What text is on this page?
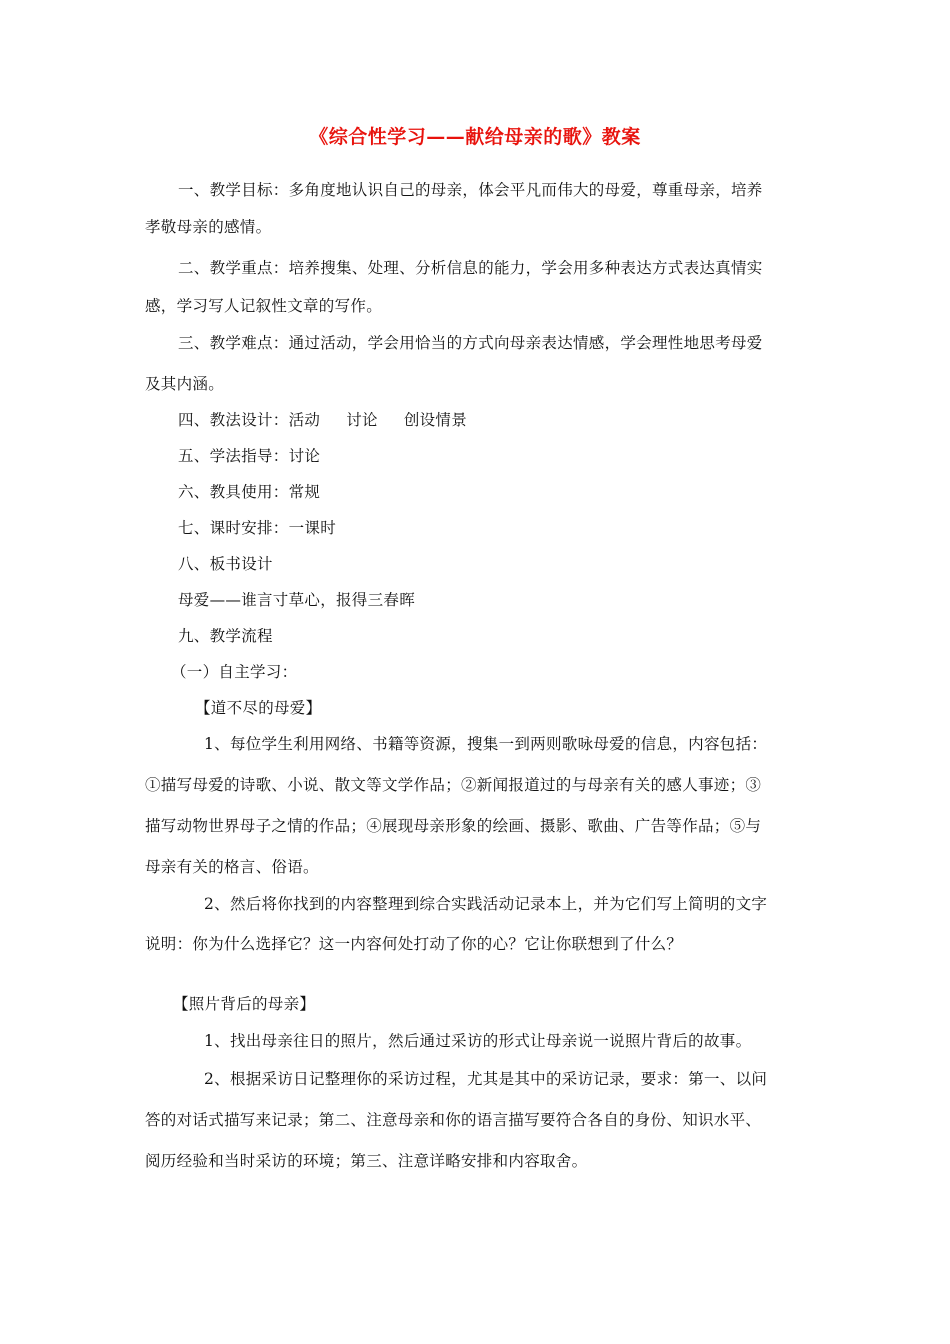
《综合性学习——献给母亲的歌》教案
一、教学目标：多角度地认识自己的母亲，体会平凡而伟大的母爱，尊重母亲，培养
孝敬母亲的感情。
二、教学重点：培养搜集、处理、分析信息的能力，学会用多种表达方式表达真情实
感，学习写人记叙性文章的写作。
三、教学难点：通过活动，学会用恰当的方式向母亲表达情感，学会理性地思考母爱
及其内涵。
四、教法设计：活动 讨论 创设情景
五、学法指导：讨论
六、教具使用：常规
七、课时安排：一课时
八、板书设计
母爱——谁言寸草心，报得三春晖
九、教学流程
（一）自主学习：
【道不尽的母爱】
1、每位学生利用网络、书籍等资源，搜集一到两则歌咏母爱的信息，内容包括：
①描写母爱的诗歌、小说、散文等文学作品；②新闻报道过的与母亲有关的感人事迹；③
描写动物世界母子之情的作品；④展现母亲形象的绘画、摄影、歌曲、广告等作品；⑤与
母亲有关的格言、俗语。
2、然后将你找到的内容整理到综合实践活动记录本上，并为它们写上简明的文字
说明：你为什么选择它？这一内容何处打动了你的心？它让你联想到了什么？
【照片背后的母亲】
1、找出母亲往日的照片，然后通过采访的形式让母亲说一说照片背后的故事。
2、根据采访日记整理你的采访过程，尤其是其中的采访记录，要求：第一、以问
答的对话式描写来记录；第二、注意母亲和你的语言描写要符合各自的身份、知识水平、
阅历经验和当时采访的环境；第三、注意详略安排和内容取舍。
